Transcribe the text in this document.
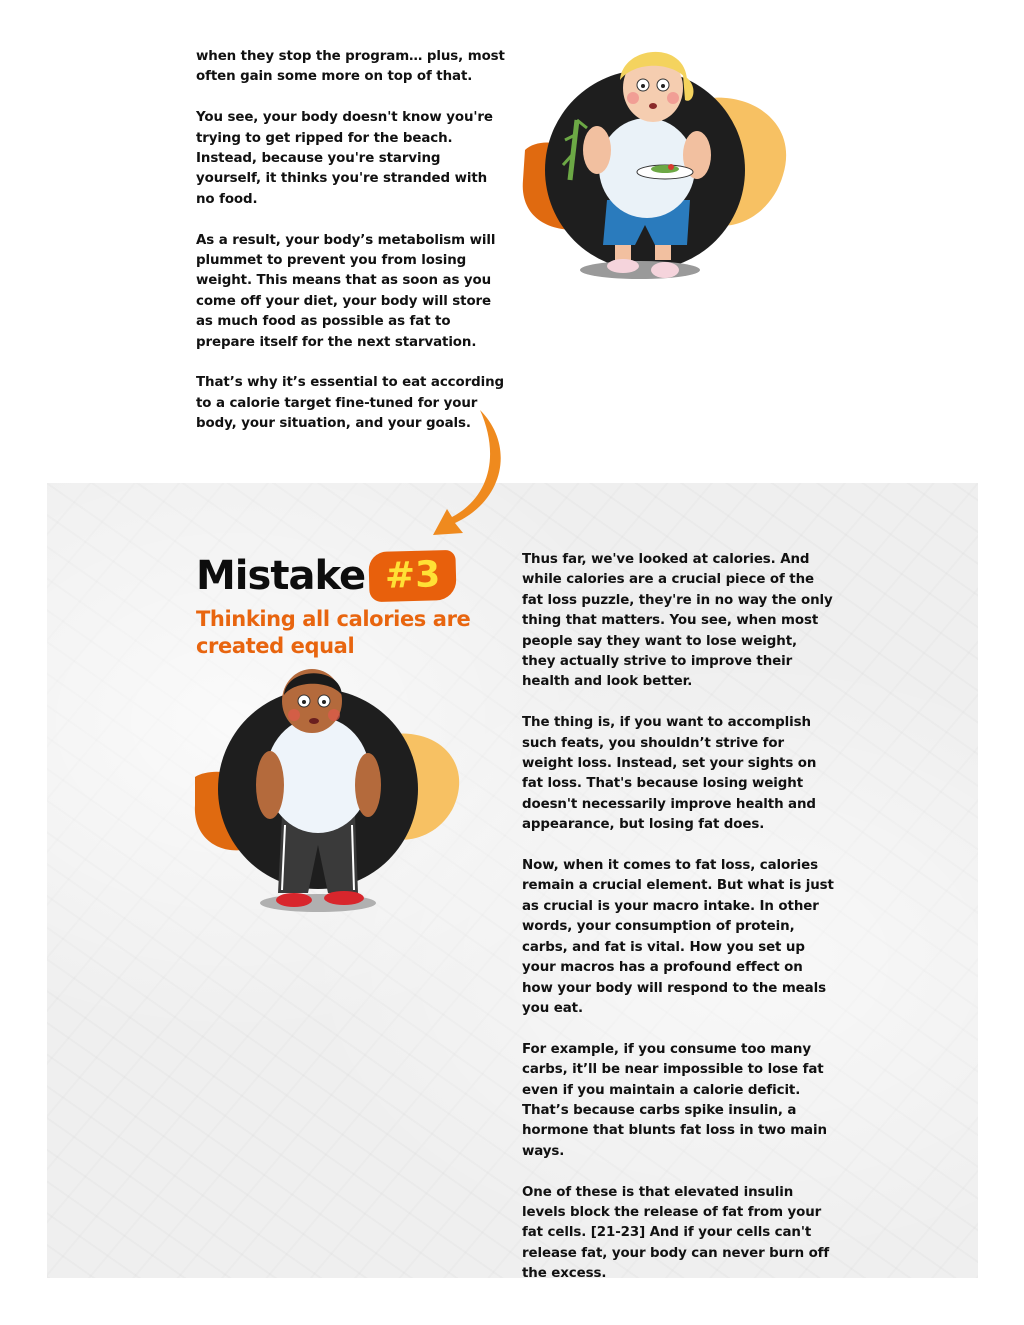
when they stop the program… plus, most often gain some more on top of that.

You see, your body doesn't know you're trying to get ripped for the beach. Instead, because you're starving yourself, it thinks you're stranded with no food.

As a result, your body’s metabolism will plummet to prevent you from losing weight. This means that as soon as you come off your diet, your body will store as much food as possible as fat to prepare itself for the next starvation.

That’s why it’s essential to eat according to a calorie target fine-tuned for your body, your situation, and your goals.

Mistake #3
Thinking all calories are created equal

Thus far, we've looked at calories. And while calories are a crucial piece of the fat loss puzzle, they're in no way the only thing that matters. You see, when most people say they want to lose weight, they actually strive to improve their health and look better.

The thing is, if you want to accomplish such feats, you shouldn’t strive for weight loss. Instead, set your sights on fat loss. That's because losing weight doesn't necessarily improve health and appearance, but losing fat does.

Now, when it comes to fat loss, calories remain a crucial element. But what is just as crucial is your macro intake. In other words, your consumption of protein, carbs, and fat is vital. How you set up your macros has a profound effect on how your body will respond to the meals you eat.

For example, if you consume too many carbs, it’ll be near impossible to lose fat even if you maintain a calorie deficit. That’s because carbs spike insulin, a hormone that blunts fat loss in two main ways.

One of these is that elevated insulin levels block the release of fat from your fat cells. [21-23] And if your cells can't release fat, your body can never burn off the excess.
